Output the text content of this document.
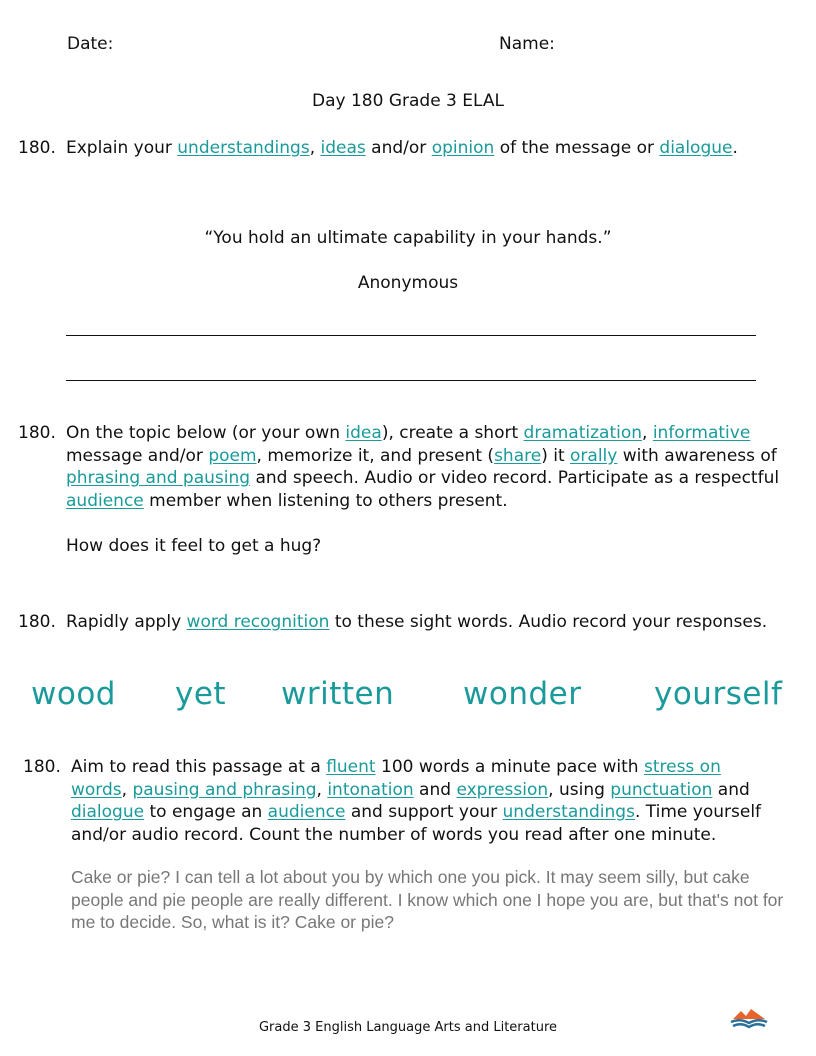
Date:	Name:
Day 180 Grade 3 ELAL
180. Explain your understandings, ideas and/or opinion of the message or dialogue.
“You hold an ultimate capability in your hands.”
Anonymous
180. On the topic below (or your own idea), create a short dramatization, informative
message and/or poem, memorize it, and present (share) it orally with awareness of
phrasing and pausing and speech. Audio or video record. Participate as a respectful
audience member when listening to others present.
How does it feel to get a hug?
180. Rapidly apply word recognition to these sight words. Audio record your responses.
wood yet written wonder yourself
180. Aim to read this passage at a fluent 100 words a minute pace with stress on
words, pausing and phrasing, intonation and expression, using punctuation and
dialogue to engage an audience and support your understandings. Time yourself
and/or audio record. Count the number of words you read after one minute.
Cake or pie? I can tell a lot about you by which one you pick. It may seem silly, but cake people and pie people are really different. I know which one I hope you are, but that's not for me to decide. So, what is it? Cake or pie?
Grade 3 English Language Arts and Literature
